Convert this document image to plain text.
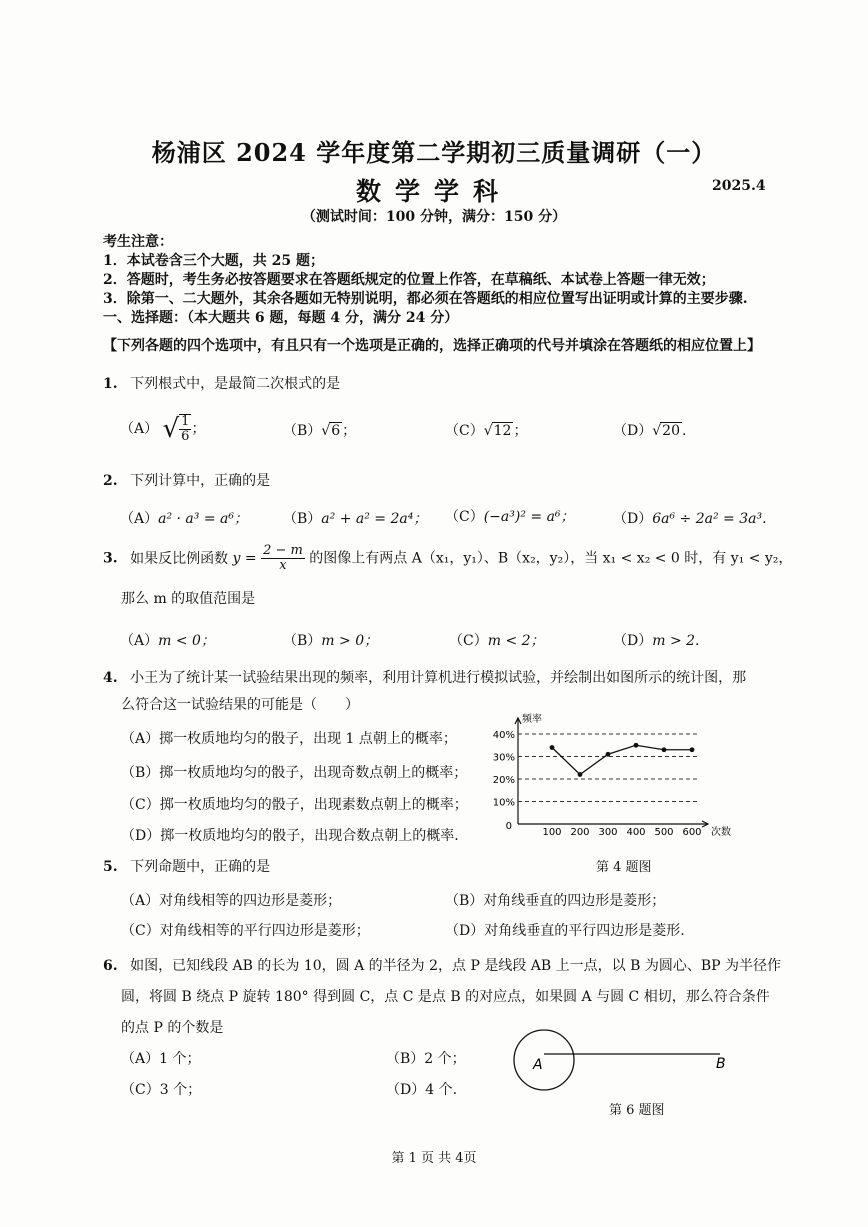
杨浦区 2024 学年度第二学期初三质量调研（一）
数学学科	2025.4
（测试时间：100 分钟，满分：150 分）
考生注意：
1．本试卷含三个大题，共 25 题；
2．答题时，考生务必按答题要求在答题纸规定的位置上作答，在草稿纸、本试卷上答题一律无效；
3．除第一、二大题外，其余各题如无特别说明，都必须在答题纸的相应位置写出证明或计算的主要步骤.
一、选择题：（本大题共 6 题，每题 4 分，满分 24 分）
【下列各题的四个选项中，有且只有一个选项是正确的，选择正确项的代号并填涂在答题纸的相应位置上】
1. 下列根式中，是最简二次根式的是
（A） √ $\frac{1}{6}$ ；	（B）√6 ；	（C）√12 ；	（D）√20 .
2. 下列计算中，正确的是
（A）a² · a³ = a⁶；	（B）a² + a² = 2a⁴； （C）(−a³)² = a⁶；	（D）6a⁶ ÷ 2a² = 3a³.
3. 如果反比例函数 $y = \frac{2 - m}{x}$ 的图像上有两点 A（x₁，y₁）、B（x₂，y₂），当 x₁ < x₂ < 0 时，有 y₁ < y₂，
那么 m 的取值范围是
（A）m < 0；	（B）m > 0；	（C）m < 2；	（D）m > 2.
4. 小王为了统计某一试验结果出现的频率，利用计算机进行模拟试验，并绘制出如图所示的统计图，那
么符合这一试验结果的可能是（　　）
（A）掷一枚质地均匀的骰子，出现 1 点朝上的概率；
（B）掷一枚质地均匀的骰子，出现奇数点朝上的概率；
（C）掷一枚质地均匀的骰子，出现素数点朝上的概率；
（D）掷一枚质地均匀的骰子，出现合数点朝上的概率.
10%
20%
30%
40%
100 200 300 400 500 600
0
频率
次数
第 4 题图
5. 下列命题中，正确的是
（A）对角线相等的四边形是菱形；	（B）对角线垂直的四边形是菱形；
（C）对角线相等的平行四边形是菱形；	（D）对角线垂直的平行四边形是菱形.
6. 如图，已知线段 AB 的长为 10，圆 A 的半径为 2，点 P 是线段 AB 上一点，以 B 为圆心、BP 为半径作
圆，将圆 B 绕点 P 旋转 180° 得到圆 C，点 C 是点 B 的对应点，如果圆 A 与圆 C 相切，那么符合条件
的点 P 的个数是
（A）1 个；	（B）2 个；
（C）3 个；	（D）4 个.
A	B
第 6 题图
第 1 页 共 4页
